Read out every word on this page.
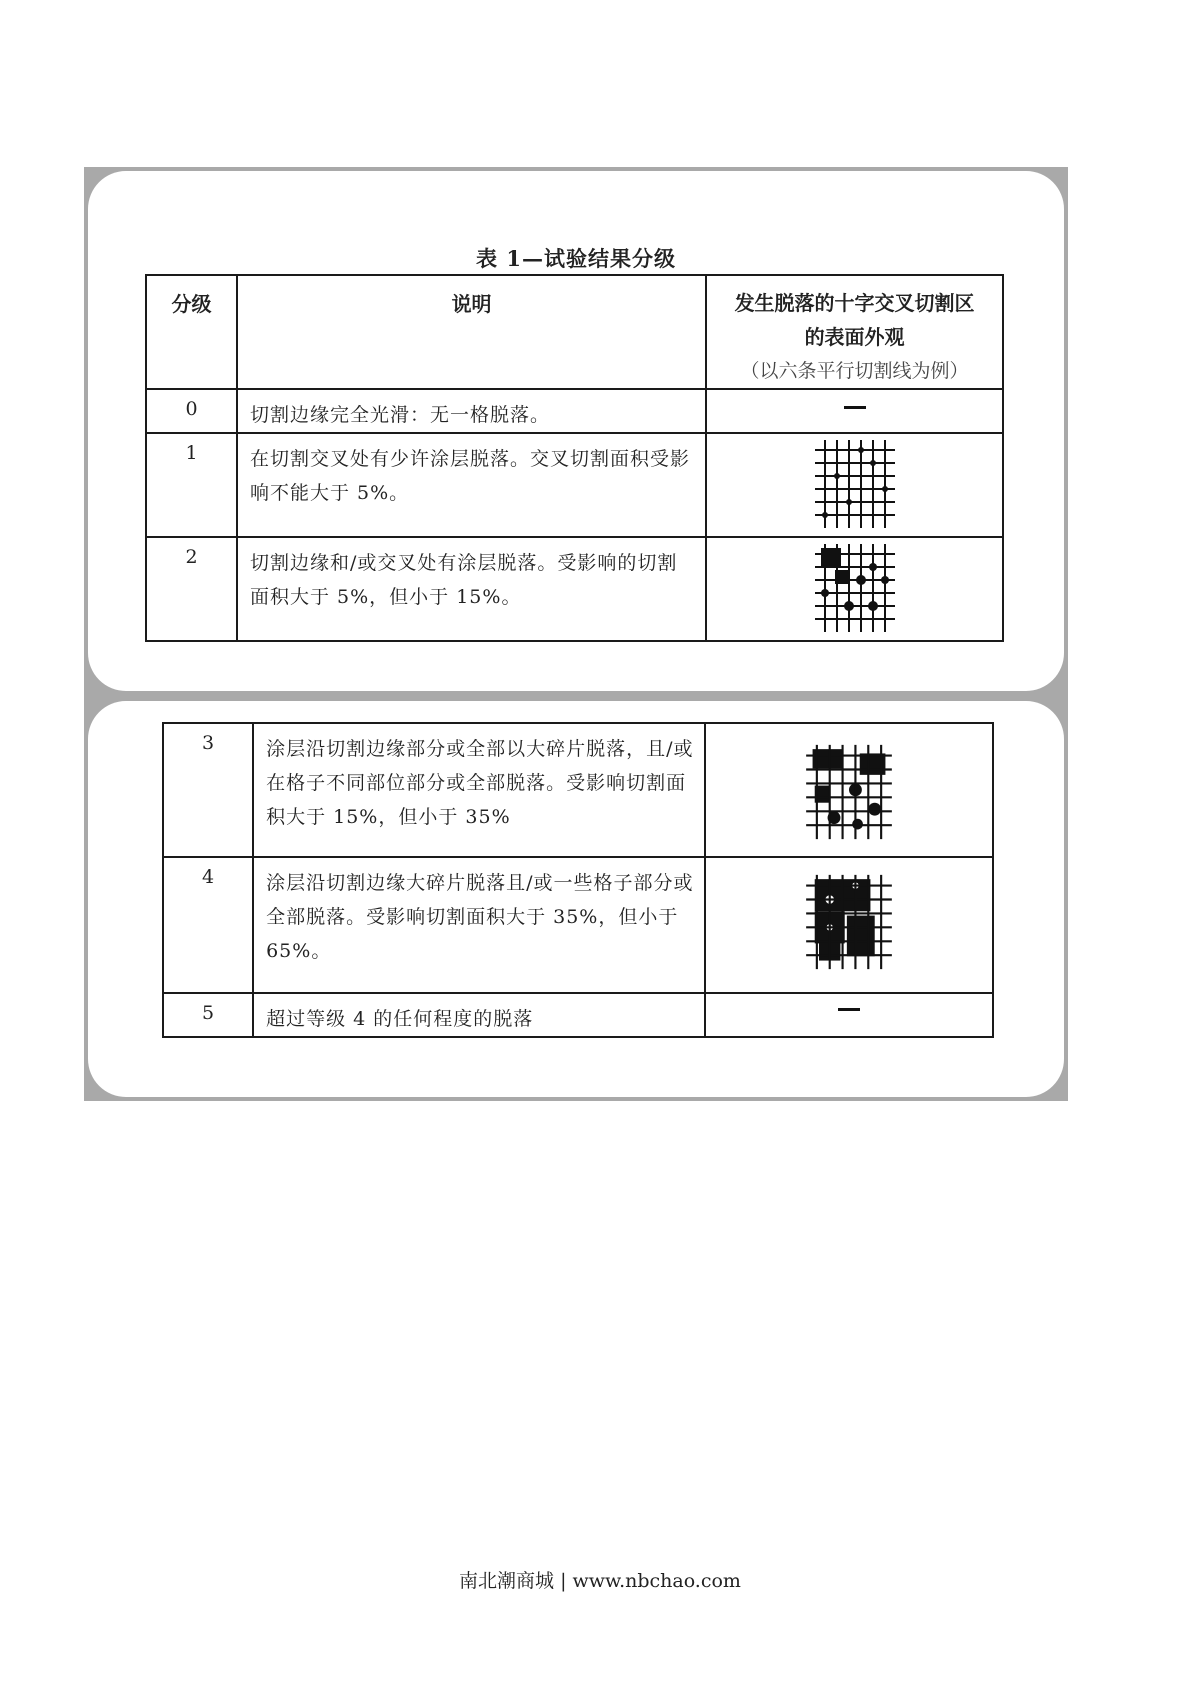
表 1—试验结果分级
分级	说明	发生脱落的十字交叉切割区
的表面外观
（以六条平行切割线为例）

0	切割边缘完全光滑：无一格脱落。	
1	在切割交叉处有少许涂层脱落。交叉切割面积受影响不能大于 5%。	

2	切割边缘和/或交叉处有涂层脱落。受影响的切割面积大于 5%，但小于 15%。	
3	涂层沿切割边缘部分或全部以大碎片脱落，且/或在格子不同部位部分或全部脱落。受影响切割面积大于 15%，但小于 35%	

4	涂层沿切割边缘大碎片脱落且/或一些格子部分或全部脱落。受影响切割面积大于 35%，但小于 65%。	

5	超过等级 4 的任何程度的脱落	
南北潮商城 | www.nbchao.com
